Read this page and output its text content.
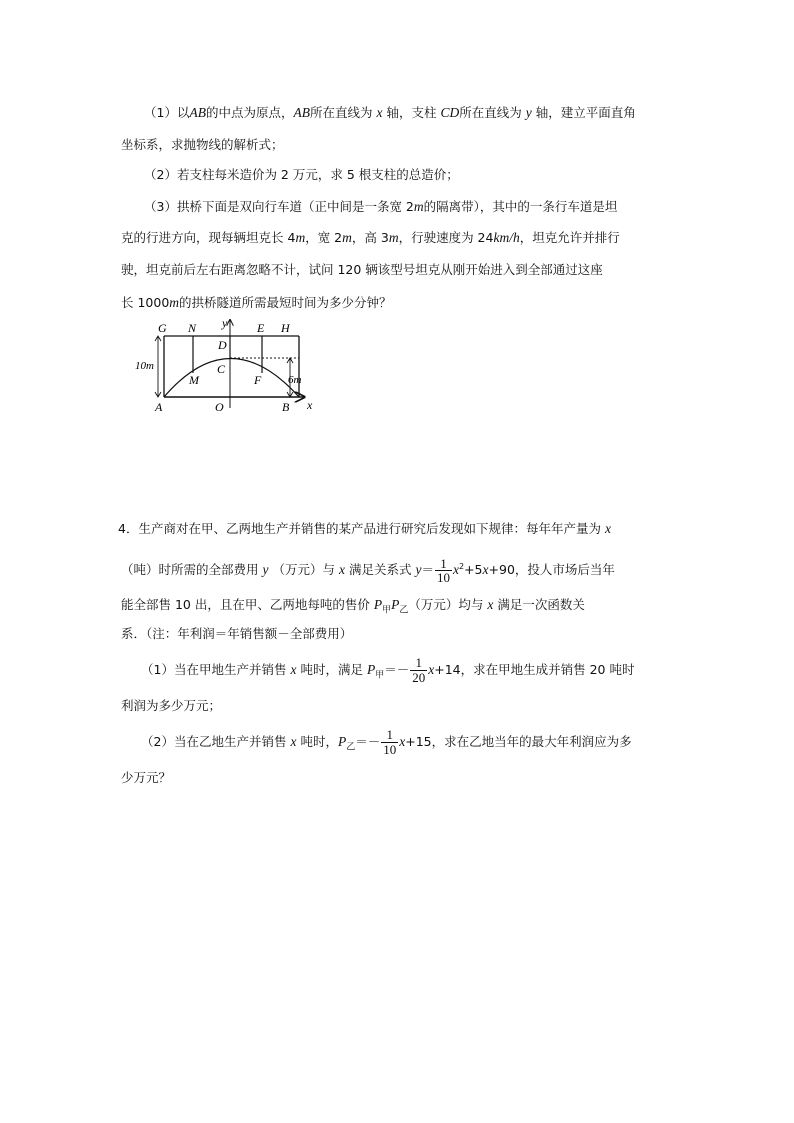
（1）以AB的中点为原点，AB所在直线为 x 轴，支柱 CD所在直线为 y 轴，建立平面直角
坐标系，求抛物线的解析式；
（2）若支柱每米造价为 2 万元，求 5 根支柱的总造价；
（3）拱桥下面是双向行车道（正中间是一条宽 2m的隔离带），其中的一条行车道是坦
克的行进方向，现每辆坦克长 4m，宽 2m，高 3m，行驶速度为 24km/h，坦克允许并排行
驶，坦克前后左右距离忽略不计，试问 120 辆该型号坦克从刚开始进入到全部通过这座
长 1000m的拱桥隧道所需最短时间为多少分钟？
G N y E H
D
10m	C
M	F 6m
A	O	B x
4．生产商对在甲、乙两地生产并销售的某产品进行研究后发现如下规律：每年年产量为 x
（吨）时所需的全部费用 y （万元）与 x 满足关系式 $y= \frac{1}{10} x^2+5x+90$，投人市场后当年
能全部售 10 出，且在甲、乙两地每吨的售价 $P_甲P_乙$（万元）均与 x 满足一次函数关
系．（注：年利润＝年销售额－全部费用）
（1）当在甲地生产并销售 x 吨时，满足 $P_甲=- \frac{1}{20} x+14$，求在甲地生成并销售 20 吨时
利润为多少万元；
（2）当在乙地生产并销售 x 吨时，$P_乙=- \frac{1}{10} x+15$，求在乙地当年的最大年利润应为多
少万元？
